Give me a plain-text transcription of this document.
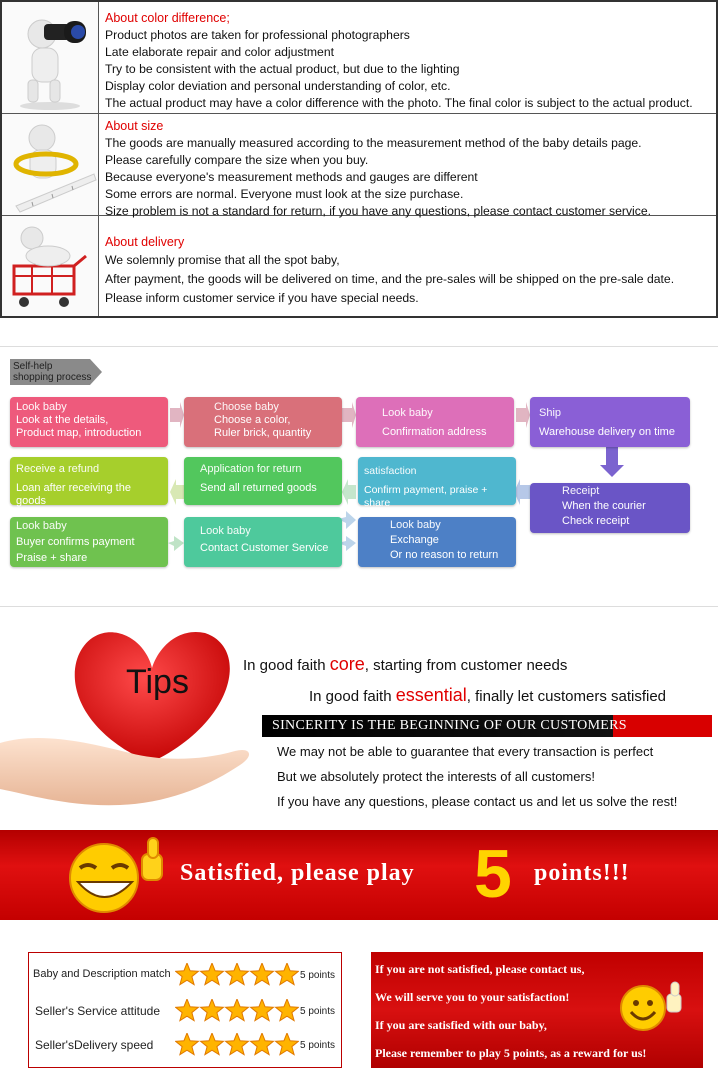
About color difference;
Product photos are taken for professional photographers
Late elaborate repair and color adjustment
Try to be consistent with the actual product, but due to the lighting
Display color deviation and personal understanding of color, etc.
The actual product may have a color difference with the photo. The final color is subject to the actual product.
About size
The goods are manually measured according to the measurement method of the baby details page.
Please carefully compare the size when you buy.
Because everyone's measurement methods and gauges are different
Some errors are normal. Everyone must look at the size purchase.
Size problem is not a standard for return, if you have any questions, please contact customer service.
About delivery
We solemnly promise that all the spot baby,
After payment, the goods will be delivered on time, and the pre-sales will be shipped on the pre-sale date.
Please inform customer service if you have special needs.
Self-help
shopping process
Look baby
Look at the details,
Product map, introduction
Choose baby
Choose a color,
Ruler brick, quantity
Look baby
Confirmation address
Ship
Warehouse delivery on time
Receive a refund
Loan after receiving the goods
Application for return
Send all returned goods
satisfaction
Confirm payment, praise + share
Receipt
When the courier
Check receipt
Look baby
Buyer confirms payment
Praise + share
Look baby
Contact Customer Service
Look baby
Exchange
Or no reason to return
Tips	In good faith core, starting from customer needs
In good faith essential, finally let customers satisfied
SINCERITY IS THE BEGINNING OF OUR CUSTOMERS
We may not be able to guarantee that every transaction is perfect
But we absolutely protect the interests of all customers!
If you have any questions, please contact us and let us solve the rest!
Satisfied, please play 5 points!!!
Baby and Description match	5 points
Seller's Service attitude	5 points
Seller'sDelivery speed	5 points
If you are not satisfied, please contact us,
We will serve you to your satisfaction!
If you are satisfied with our baby,
Please remember to play 5 points, as a reward for us!
